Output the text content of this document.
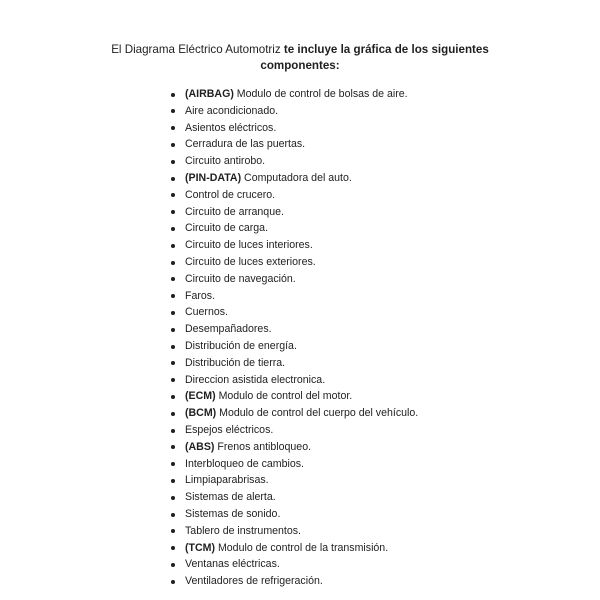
El Diagrama Eléctrico Automotriz te incluye la gráfica de los siguientes
componentes:
(AIRBAG) Modulo de control de bolsas de aire.
Aire acondicionado.
Asientos eléctricos.
Cerradura de las puertas.
Circuito antirobo.
(PIN-DATA) Computadora del auto.
Control de crucero.
Circuito de arranque.
Circuito de carga.
Circuito de luces interiores.
Circuito de luces exteriores.
Circuito de navegación.
Faros.
Cuernos.
Desempañadores.
Distribución de energía.
Distribución de tierra.
Direccion asistida electronica.
(ECM) Modulo de control del motor.
(BCM) Modulo de control del cuerpo del vehículo.
Espejos eléctricos.
(ABS) Frenos antibloqueo.
Interbloqueo de cambios.
Limpiaparabrisas.
Sistemas de alerta.
Sistemas de sonido.
Tablero de instrumentos.
(TCM) Modulo de control de la transmisión.
Ventanas eléctricas.
Ventiladores de refrigeración.
